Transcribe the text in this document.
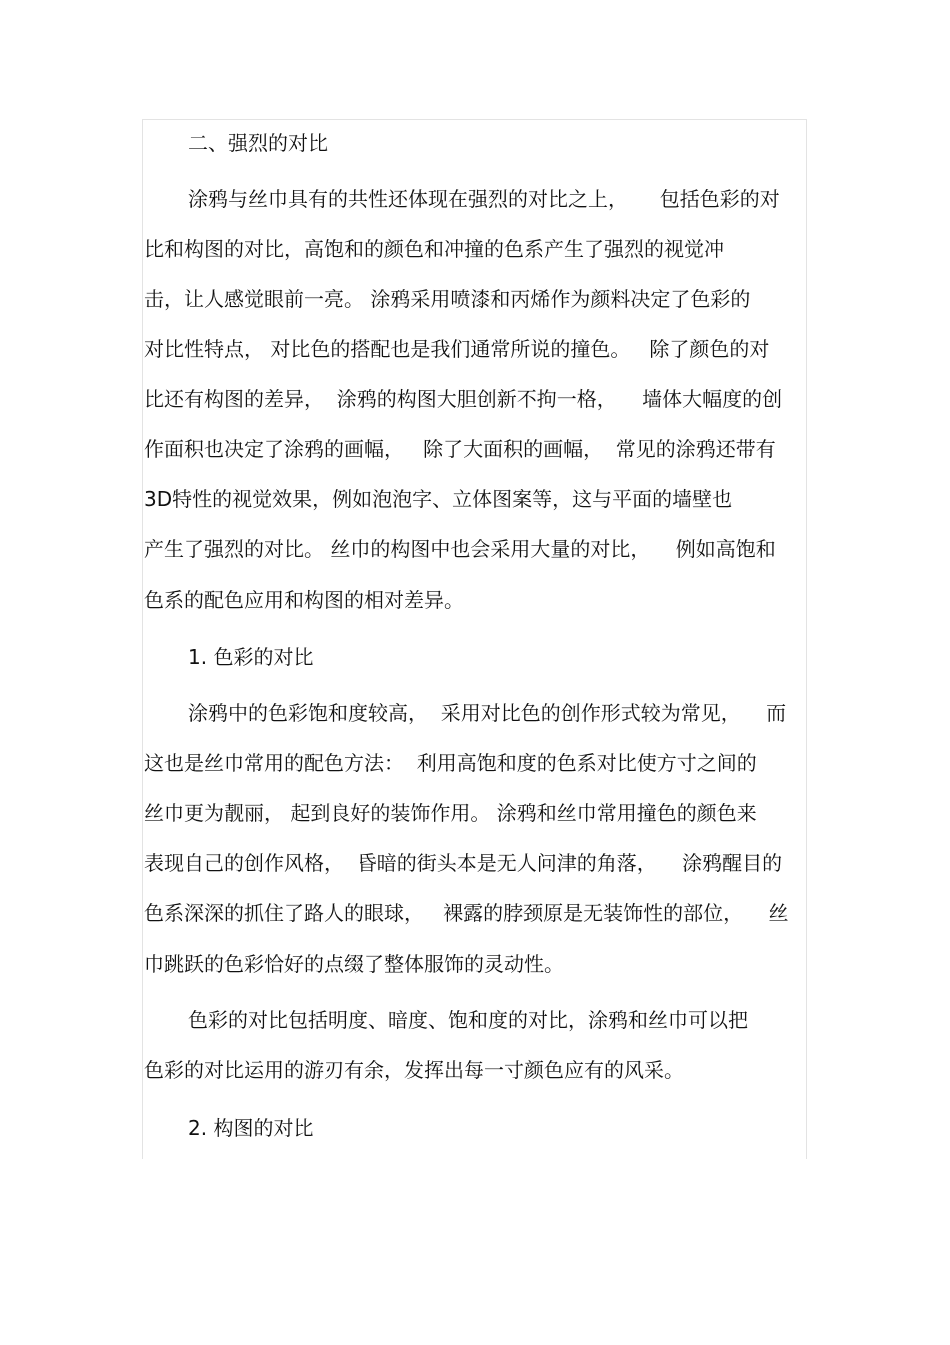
二、强烈的对比
涂鸦与丝巾具有的共性还体现在强烈的对比之上，     包括色彩的对
比和构图的对比，高饱和的颜色和冲撞的色系产生了强烈的视觉冲
击，让人感觉眼前一亮。 涂鸦采用喷漆和丙烯作为颜料决定了色彩的
对比性特点， 对比色的搭配也是我们通常所说的撞色。   除了颜色的对
比还有构图的差异，  涂鸦的构图大胆创新不拘一格，    墙体大幅度的创
作面积也决定了涂鸦的画幅，   除了大面积的画幅，  常见的涂鸦还带有
3D特性的视觉效果，例如泡泡字、立体图案等，这与平面的墙壁也
产生了强烈的对比。 丝巾的构图中也会采用大量的对比，    例如高饱和
色系的配色应用和构图的相对差异。
1. 色彩的对比
涂鸦中的色彩饱和度较高，  采用对比色的创作形式较为常见，    而
这也是丝巾常用的配色方法：  利用高饱和度的色系对比使方寸之间的
丝巾更为靓丽， 起到良好的装饰作用。 涂鸦和丝巾常用撞色的颜色来
表现自己的创作风格，  昏暗的街头本是无人问津的角落，    涂鸦醒目的
色系深深的抓住了路人的眼球，   裸露的脖颈原是无装饰性的部位，    丝
巾跳跃的色彩恰好的点缀了整体服饰的灵动性。
色彩的对比包括明度、暗度、饱和度的对比，涂鸦和丝巾可以把
色彩的对比运用的游刃有余，发挥出每一寸颜色应有的风采。
2. 构图的对比
